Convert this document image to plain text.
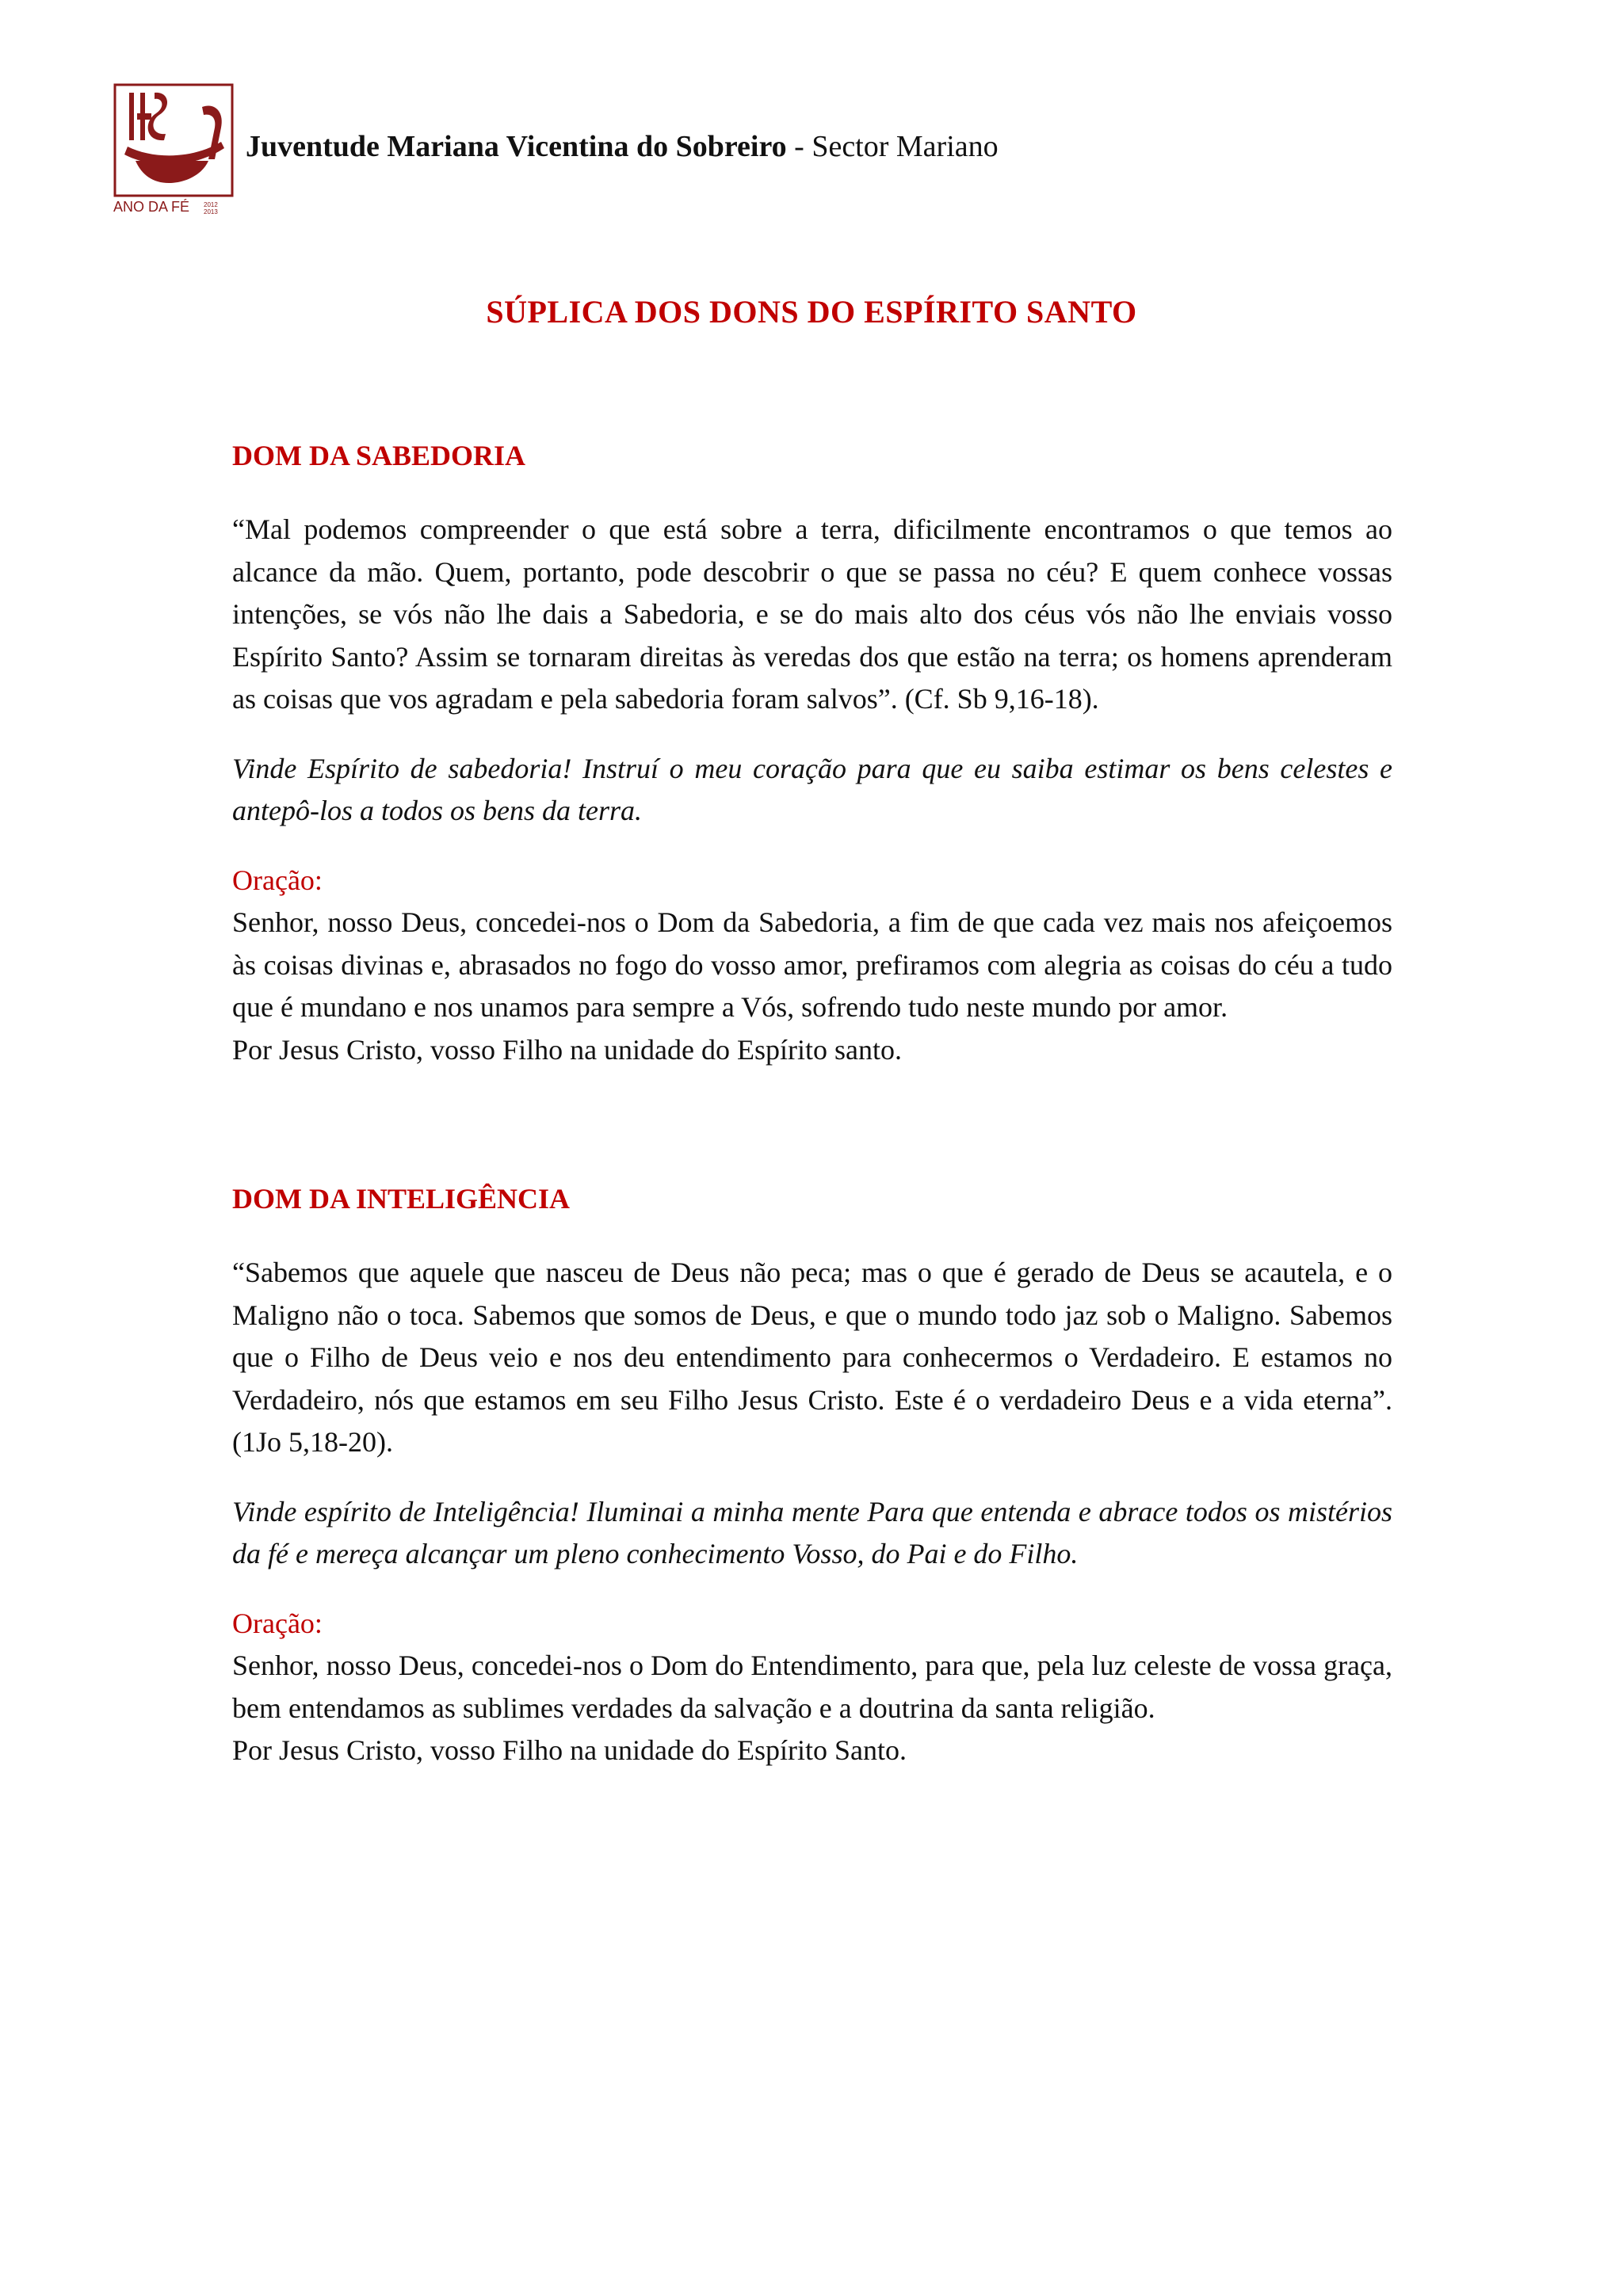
ANO DA FÉ 2012
2013
Juventude Mariana Vicentina do Sobreiro - Sector Mariano
SÚPLICA DOS DONS DO ESPÍRITO SANTO
DOM DA SABEDORIA

“Mal podemos compreender o que está sobre a terra, dificilmente encontramos o que temos ao alcance da mão. Quem, portanto, pode descobrir o que se passa no céu? E quem conhece vossas intenções, se vós não lhe dais a Sabedoria, e se do mais alto dos céus vós não lhe enviais vosso Espírito Santo? Assim se tornaram direitas às veredas dos que estão na terra; os homens aprenderam as coisas que vos agradam e pela sabedoria foram salvos”. (Cf. Sb 9,16-18).

Vinde Espírito de sabedoria! Instruí o meu coração para que eu saiba estimar os bens celestes e antepô-los a todos os bens da terra.

Oração:

Senhor, nosso Deus, concedei-nos o Dom da Sabedoria, a fim de que cada vez mais nos afeiçoemos às coisas divinas e, abrasados no fogo do vosso amor, prefiramos com alegria as coisas do céu a tudo que é mundano e nos unamos para sempre a Vós, sofrendo tudo neste mundo por amor.

Por Jesus Cristo, vosso Filho na unidade do Espírito santo.

DOM DA INTELIGÊNCIA

“Sabemos que aquele que nasceu de Deus não peca; mas o que é gerado de Deus se acautela, e o Maligno não o toca. Sabemos que somos de Deus, e que o mundo todo jaz sob o Maligno. Sabemos que o Filho de Deus veio e nos deu entendimento para conhecermos o Verdadeiro. E estamos no Verdadeiro, nós que estamos em seu Filho Jesus Cristo. Este é o verdadeiro Deus e a vida eterna”. (1Jo 5,18-20).

Vinde espírito de Inteligência! Iluminai a minha mente Para que entenda e abrace todos os mistérios da fé e mereça alcançar um pleno conhecimento Vosso, do Pai e do Filho.

Oração:

Senhor, nosso Deus, concedei-nos o Dom do Entendimento, para que, pela luz celeste de vossa graça, bem entendamos as sublimes verdades da salvação e a doutrina da santa religião.

Por Jesus Cristo, vosso Filho na unidade do Espírito Santo.
